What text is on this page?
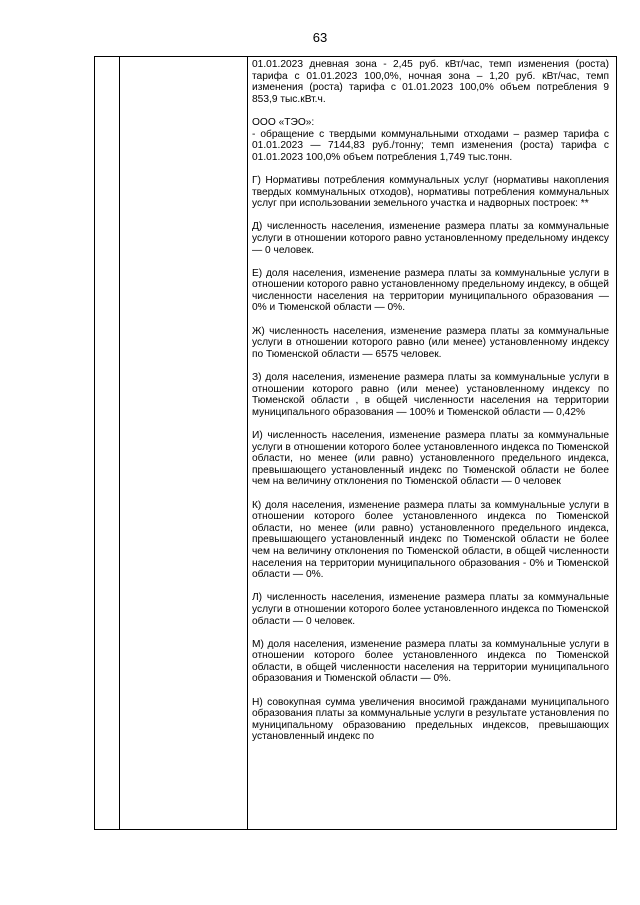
63

01.01.2023 дневная зона - 2,45 руб. кВт/час, темп изменения (роста) тарифа с 01.01.2023 100,0%, ночная зона – 1,20 руб. кВт/час, темп изменения (роста) тарифа с 01.01.2023 100,0% объем потребления 9 853,9 тыс.кВт.ч.

ООО «ТЭО»:
- обращение с твердыми коммунальными отходами – размер тарифа с 01.01.2023 — 7144,83 руб./тонну; темп изменения (роста) тарифа с 01.01.2023 100,0% объем потребления 1,749 тыс.тонн.

Г) Нормативы потребления коммунальных услуг (нормативы накопления твердых коммунальных отходов), нормативы потребления коммунальных услуг при использовании земельного участка и надворных построек: **

Д) численность населения, изменение размера платы за коммунальные услуги в отношении которого равно установленному предельному индексу — 0 человек.

Е) доля населения, изменение размера платы за коммунальные услуги в отношении которого равно установленному предельному индексу, в общей численности населения на территории муниципального образования — 0% и Тюменской области — 0%.

Ж) численность населения, изменение размера платы за коммунальные услуги в отношении которого равно (или менее) установленному индексу по Тюменской области — 6575 человек.

З) доля населения, изменение размера платы за коммунальные услуги в отношении которого равно (или менее) установленному индексу по Тюменской области , в общей численности населения на территории муниципального образования — 100% и Тюменской области — 0,42%

И) численность населения, изменение размера платы за коммунальные услуги в отношении которого более установленного индекса по Тюменской области, но менее (или равно) установленного предельного индекса, превышающего установленный индекс по Тюменской области не более чем на величину отклонения по Тюменской области — 0 человек

К) доля населения, изменение размера платы за коммунальные услуги в отношении которого более установленного индекса по Тюменской области, но менее (или равно) установленного предельного индекса, превышающего установленный индекс по Тюменской области не более чем на величину отклонения по Тюменской области, в общей численности населения на территории муниципального образования - 0% и Тюменской области — 0%.

Л) численность населения, изменение размера платы за коммунальные услуги в отношении которого более установленного индекса по Тюменской области — 0 человек.

М) доля населения, изменение размера платы за коммунальные услуги в отношении которого более установленного индекса по Тюменской области, в общей численности населения на территории муниципального образования и Тюменской области — 0%.

Н) совокупная сумма увеличения вносимой гражданами муниципального образования платы за коммунальные услуги в результате установления по муниципальному образованию предельных индексов, превышающих установленный индекс по
